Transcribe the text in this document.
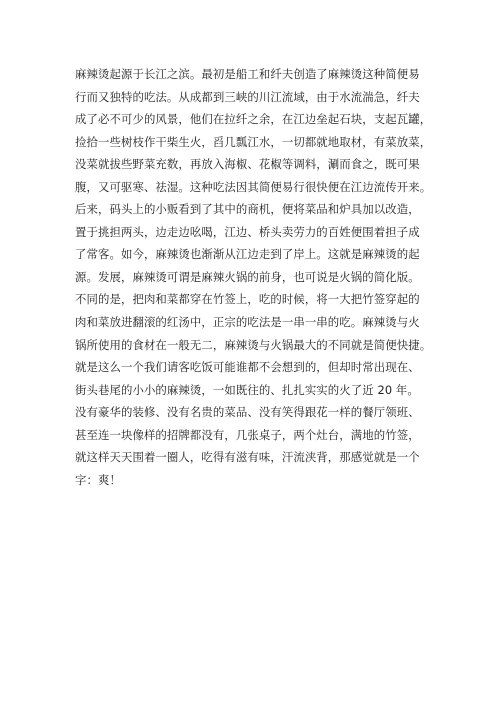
麻辣烫起源于长江之滨。最初是船工和纤夫创造了麻辣烫这种简便易
行而又独特的吃法。从成都到三峡的川江流域，由于水流湍急，纤夫
成了必不可少的风景，他们在拉纤之余，在江边垒起石块，支起瓦罐，
捡拾一些树枝作干柴生火，舀几瓢江水，一切都就地取材，有菜放菜，
没菜就拔些野菜充数，再放入海椒、花椒等调料，涮而食之，既可果
腹，又可驱寒、祛湿。这种吃法因其简便易行很快便在江边流传开来。
后来，码头上的小贩看到了其中的商机，便将菜品和炉具加以改造，
置于挑担两头，边走边吆喝，江边、桥头卖劳力的百姓便围着担子成
了常客。如今，麻辣烫也渐渐从江边走到了岸上。这就是麻辣烫的起
源。发展，麻辣烫可谓是麻辣火锅的前身，也可说是火锅的简化版。
不同的是，把肉和菜都穿在竹签上，吃的时候，将一大把竹签穿起的
肉和菜放进翻滚的红汤中，正宗的吃法是一串一串的吃。麻辣烫与火
锅所使用的食材在一般无二，麻辣烫与火锅最大的不同就是简便快捷。
就是这么一个我们请客吃饭可能谁都不会想到的，但却时常出现在、
街头巷尾的小小的麻辣烫，一如既往的、扎扎实实的火了近 20 年。
没有豪华的装修、没有名贵的菜品、没有笑得跟花一样的餐厅领班、
甚至连一块像样的招牌都没有，几张桌子，两个灶台，满地的竹签，
就这样天天围着一圈人，吃得有滋有味，汗流浃背，那感觉就是一个
字：爽！
